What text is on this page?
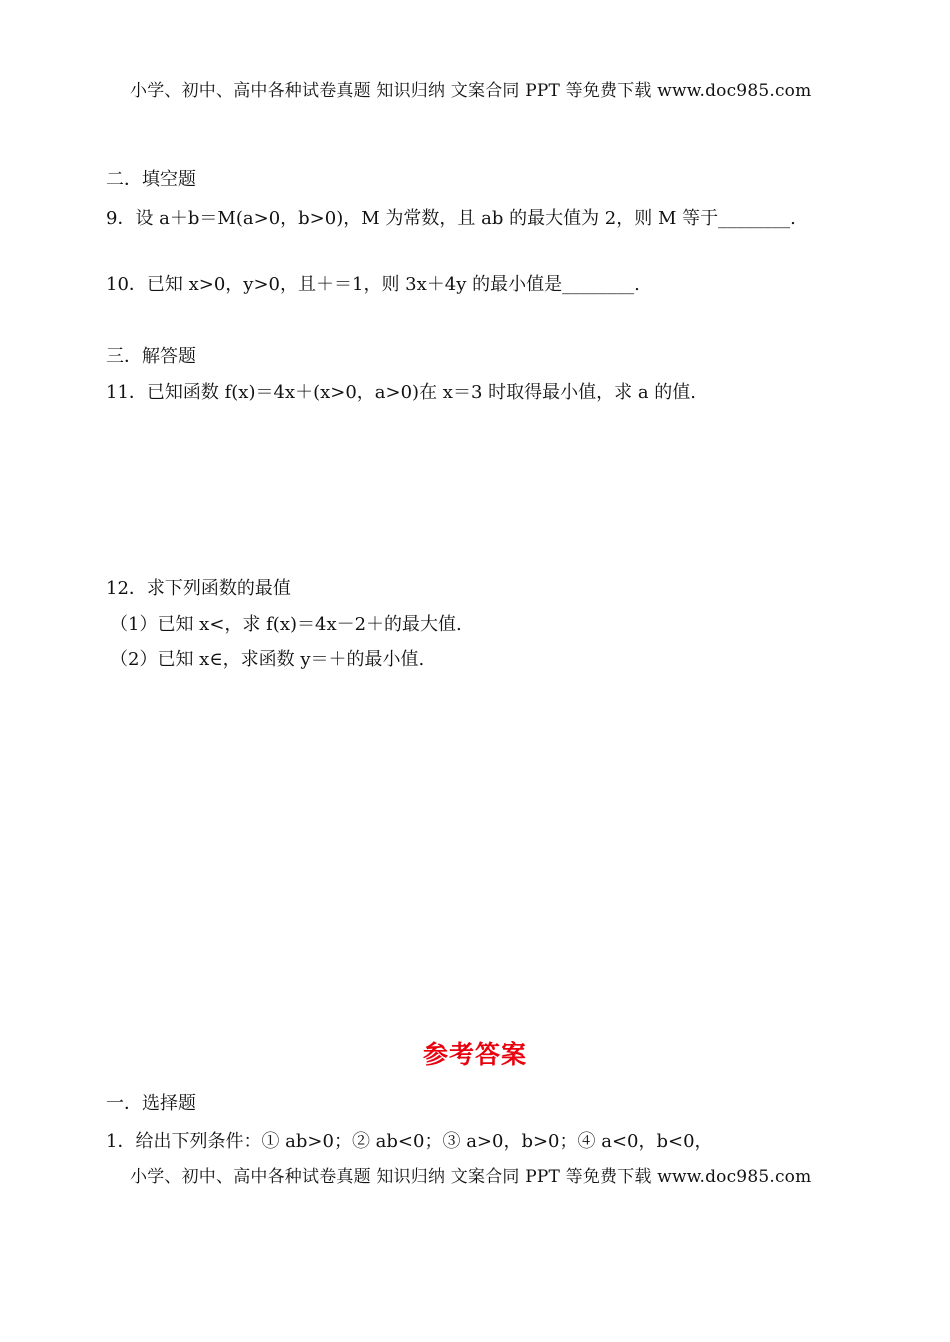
小学、初中、高中各种试卷真题 知识归纳 文案合同 PPT 等免费下载 www.doc985.com
二．填空题
9．设 a＋b＝M(a>0，b>0)，M 为常数，且 ab 的最大值为 2，则 M 等于________.
10．已知 x>0，y>0，且＋＝1，则 3x＋4y 的最小值是________.
三．解答题
11．已知函数 f(x)＝4x＋(x>0，a>0)在 x＝3 时取得最小值，求 a 的值.
12．求下列函数的最值
（1）已知 x<，求 f(x)＝4x－2＋的最大值.
（2）已知 x∈，求函数 y＝＋的最小值.
参考答案
一．选择题
1．给出下列条件：① ab>0；② ab<0；③ a>0，b>0；④ a<0，b<0，
小学、初中、高中各种试卷真题 知识归纳 文案合同 PPT 等免费下载 www.doc985.com
